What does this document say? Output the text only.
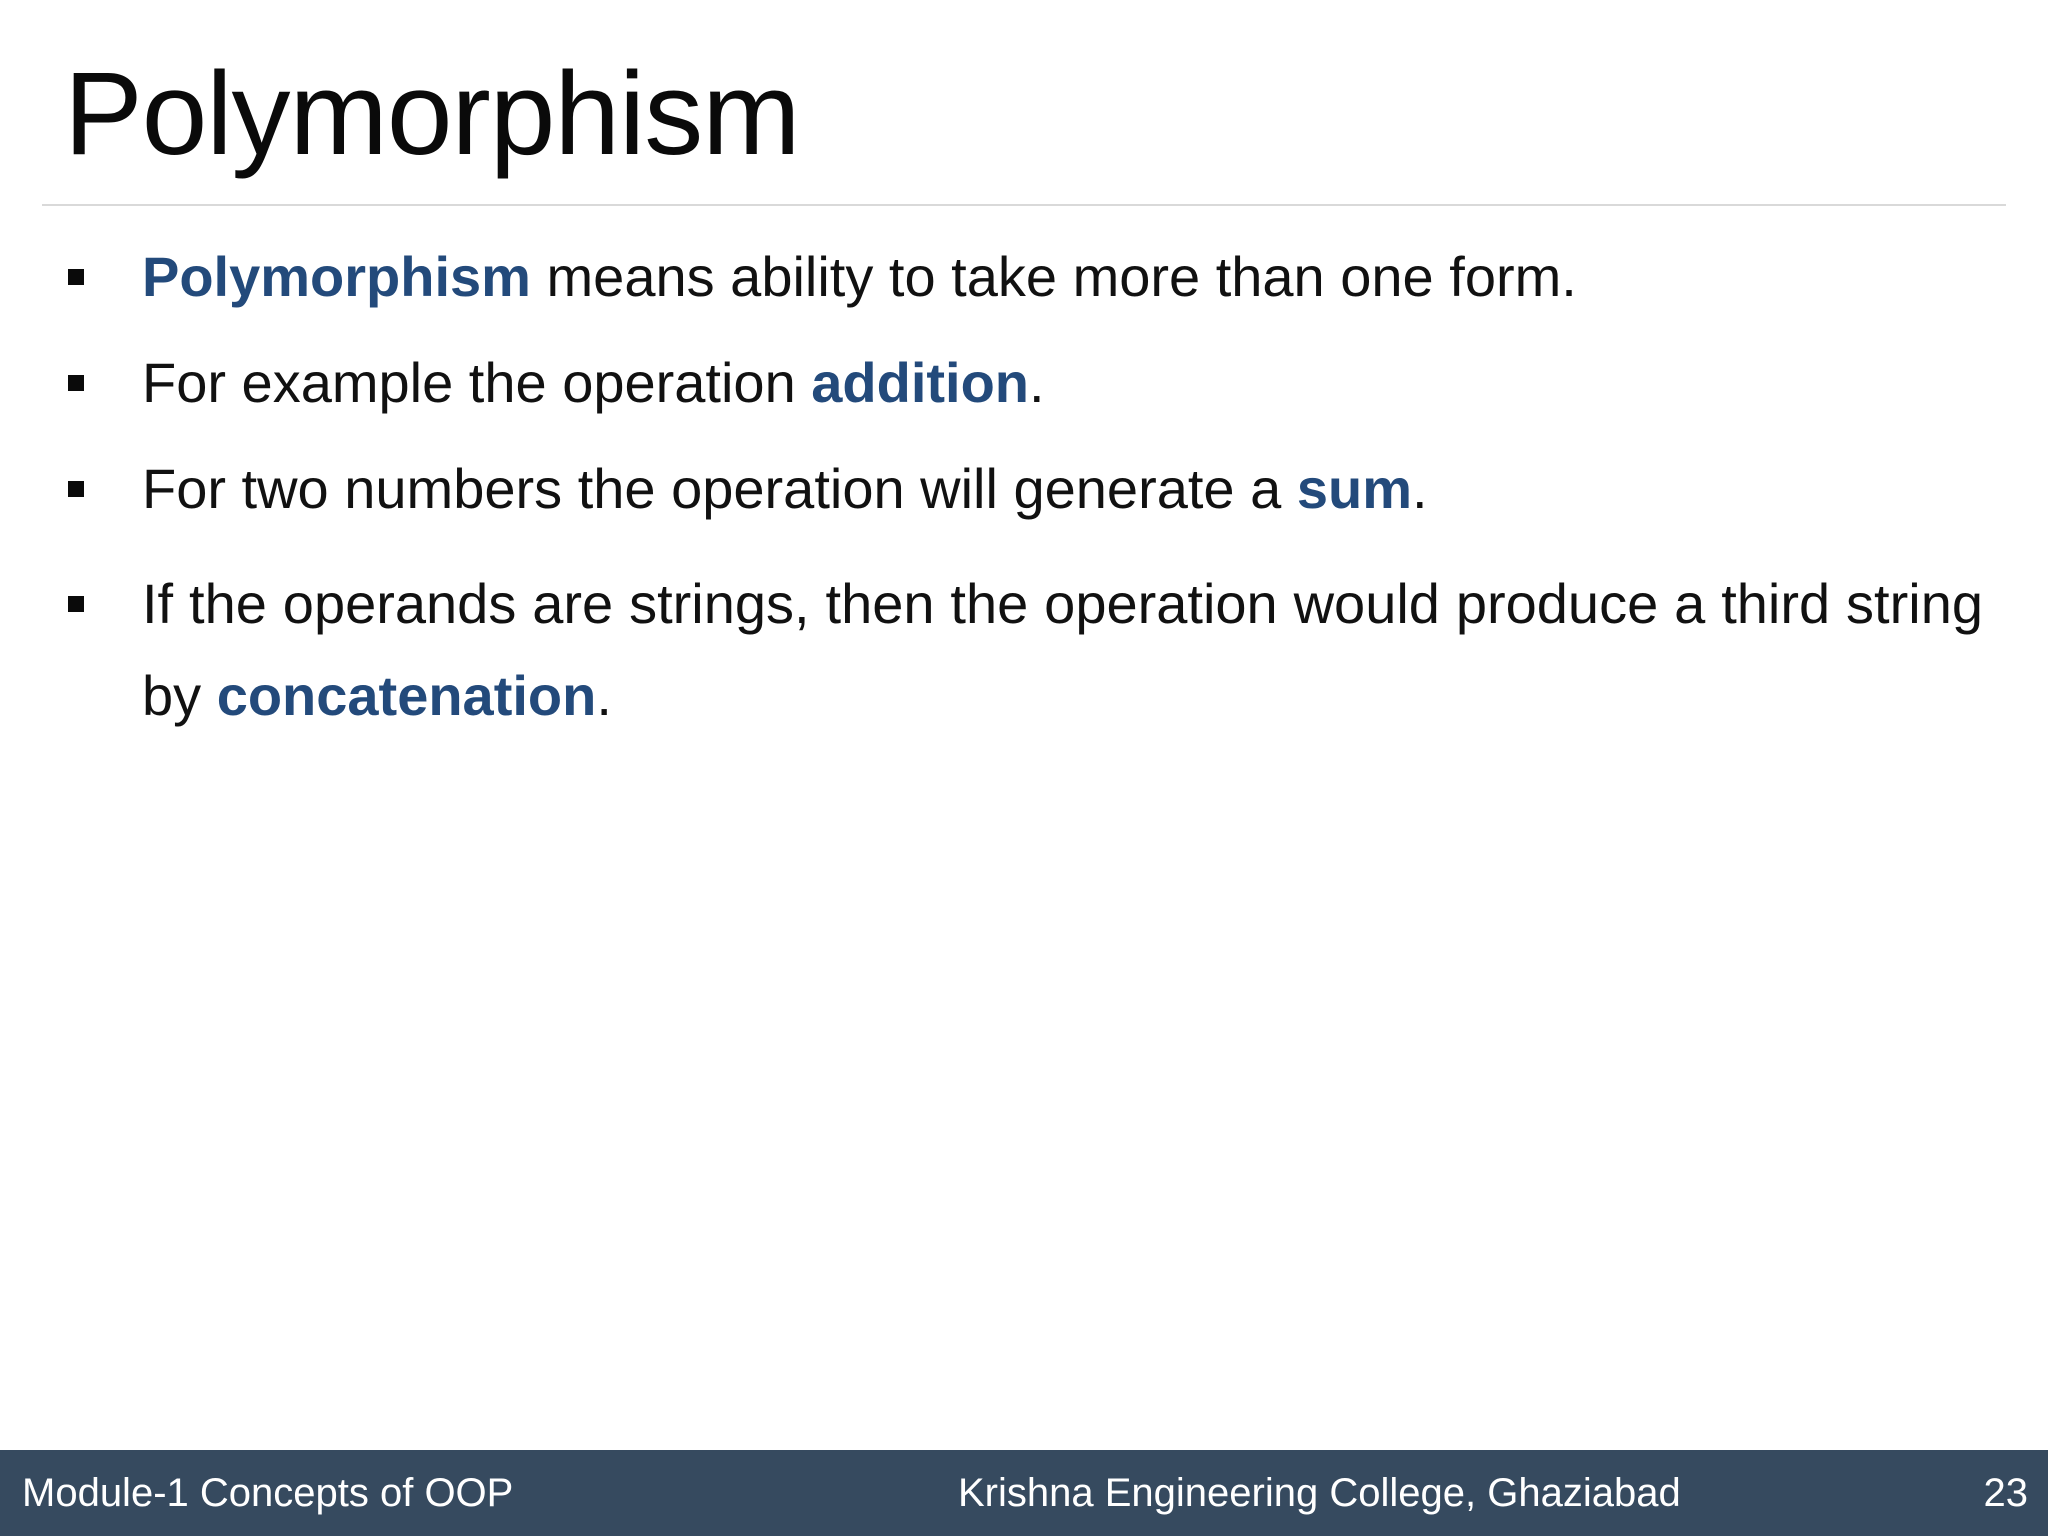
Polymorphism
Polymorphism means ability to take more than one form.
For example the operation addition.
For two numbers the operation will generate a sum.
If the operands are strings, then the operation would produce a third string by concatenation.
Module-1 Concepts of OOP	Krishna Engineering College, Ghaziabad	23
